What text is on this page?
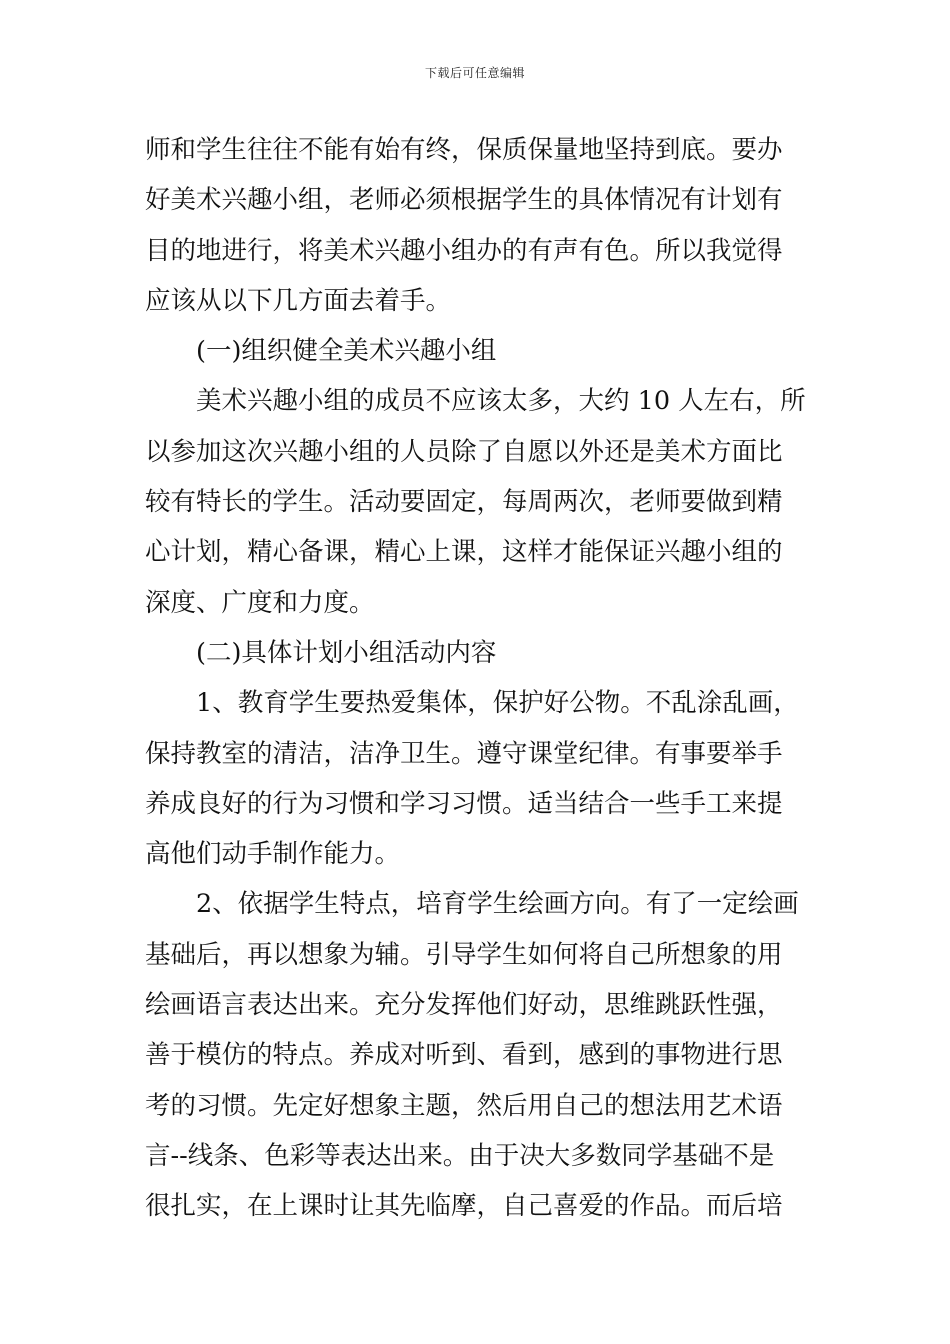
下载后可任意编辑
师和学生往往不能有始有终，保质保量地坚持到底。要办
好美术兴趣小组，老师必须根据学生的具体情况有计划有
目的地进行，将美术兴趣小组办的有声有色。所以我觉得
应该从以下几方面去着手。
(一)组织健全美术兴趣小组
美术兴趣小组的成员不应该太多，大约 10 人左右，所
以参加这次兴趣小组的人员除了自愿以外还是美术方面比
较有特长的学生。活动要固定，每周两次，老师要做到精
心计划，精心备课，精心上课，这样才能保证兴趣小组的
深度、广度和力度。
(二)具体计划小组活动内容
1、教育学生要热爱集体，保护好公物。不乱涂乱画，
保持教室的清洁，洁净卫生。遵守课堂纪律。有事要举手
养成良好的行为习惯和学习习惯。适当结合一些手工来提
高他们动手制作能力。
2、依据学生特点，培育学生绘画方向。有了一定绘画
基础后，再以想象为辅。引导学生如何将自己所想象的用
绘画语言表达出来。充分发挥他们好动，思维跳跃性强，
善于模仿的特点。养成对听到、看到，感到的事物进行思
考的习惯。先定好想象主题，然后用自己的想法用艺术语
言--线条、色彩等表达出来。由于决大多数同学基础不是
很扎实，在上课时让其先临摩，自己喜爱的作品。而后培
